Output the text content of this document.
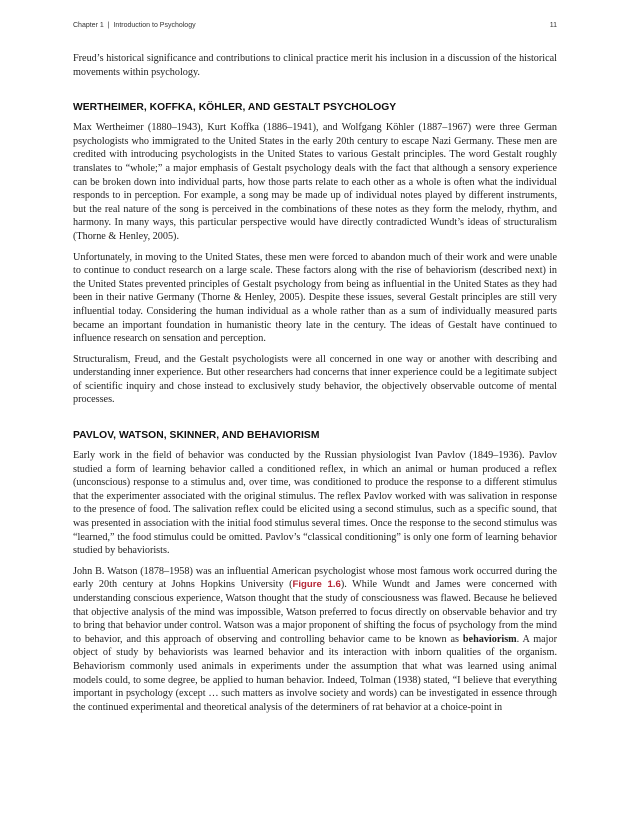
Chapter 1 | Introduction to Psychology	11

Freud’s historical significance and contributions to clinical practice merit his inclusion in a discussion of the historical movements within psychology.

WERTHEIMER, KOFFKA, KÖHLER, AND GESTALT PSYCHOLOGY

Max Wertheimer (1880–1943), Kurt Koffka (1886–1941), and Wolfgang Köhler (1887–1967) were three German psychologists who immigrated to the United States in the early 20th century to escape Nazi Germany. These men are credited with introducing psychologists in the United States to various Gestalt principles. The word Gestalt roughly translates to “whole;” a major emphasis of Gestalt psychology deals with the fact that although a sensory experience can be broken down into individual parts, how those parts relate to each other as a whole is often what the individual responds to in perception. For example, a song may be made up of individual notes played by different instruments, but the real nature of the song is perceived in the combinations of these notes as they form the melody, rhythm, and harmony. In many ways, this particular perspective would have directly contradicted Wundt’s ideas of structuralism (Thorne & Henley, 2005).

Unfortunately, in moving to the United States, these men were forced to abandon much of their work and were unable to continue to conduct research on a large scale. These factors along with the rise of behaviorism (described next) in the United States prevented principles of Gestalt psychology from being as influential in the United States as they had been in their native Germany (Thorne & Henley, 2005). Despite these issues, several Gestalt principles are still very influential today. Considering the human individual as a whole rather than as a sum of individually measured parts became an important foundation in humanistic theory late in the century. The ideas of Gestalt have continued to influence research on sensation and perception.

Structuralism, Freud, and the Gestalt psychologists were all concerned in one way or another with describing and understanding inner experience. But other researchers had concerns that inner experience could be a legitimate subject of scientific inquiry and chose instead to exclusively study behavior, the objectively observable outcome of mental processes.

PAVLOV, WATSON, SKINNER, AND BEHAVIORISM

Early work in the field of behavior was conducted by the Russian physiologist Ivan Pavlov (1849–1936). Pavlov studied a form of learning behavior called a conditioned reflex, in which an animal or human produced a reflex (unconscious) response to a stimulus and, over time, was conditioned to produce the response to a different stimulus that the experimenter associated with the original stimulus. The reflex Pavlov worked with was salivation in response to the presence of food. The salivation reflex could be elicited using a second stimulus, such as a specific sound, that was presented in association with the initial food stimulus several times. Once the response to the second stimulus was “learned,” the food stimulus could be omitted. Pavlov’s “classical conditioning” is only one form of learning behavior studied by behaviorists.

John B. Watson (1878–1958) was an influential American psychologist whose most famous work occurred during the early 20th century at Johns Hopkins University (Figure 1.6). While Wundt and James were concerned with understanding conscious experience, Watson thought that the study of consciousness was flawed. Because he believed that objective analysis of the mind was impossible, Watson preferred to focus directly on observable behavior and try to bring that behavior under control. Watson was a major proponent of shifting the focus of psychology from the mind to behavior, and this approach of observing and controlling behavior came to be known as behaviorism. A major object of study by behaviorists was learned behavior and its interaction with inborn qualities of the organism. Behaviorism commonly used animals in experiments under the assumption that what was learned using animal models could, to some degree, be applied to human behavior. Indeed, Tolman (1938) stated, “I believe that everything important in psychology (except … such matters as involve society and words) can be investigated in essence through the continued experimental and theoretical analysis of the determiners of rat behavior at a choice-point in
